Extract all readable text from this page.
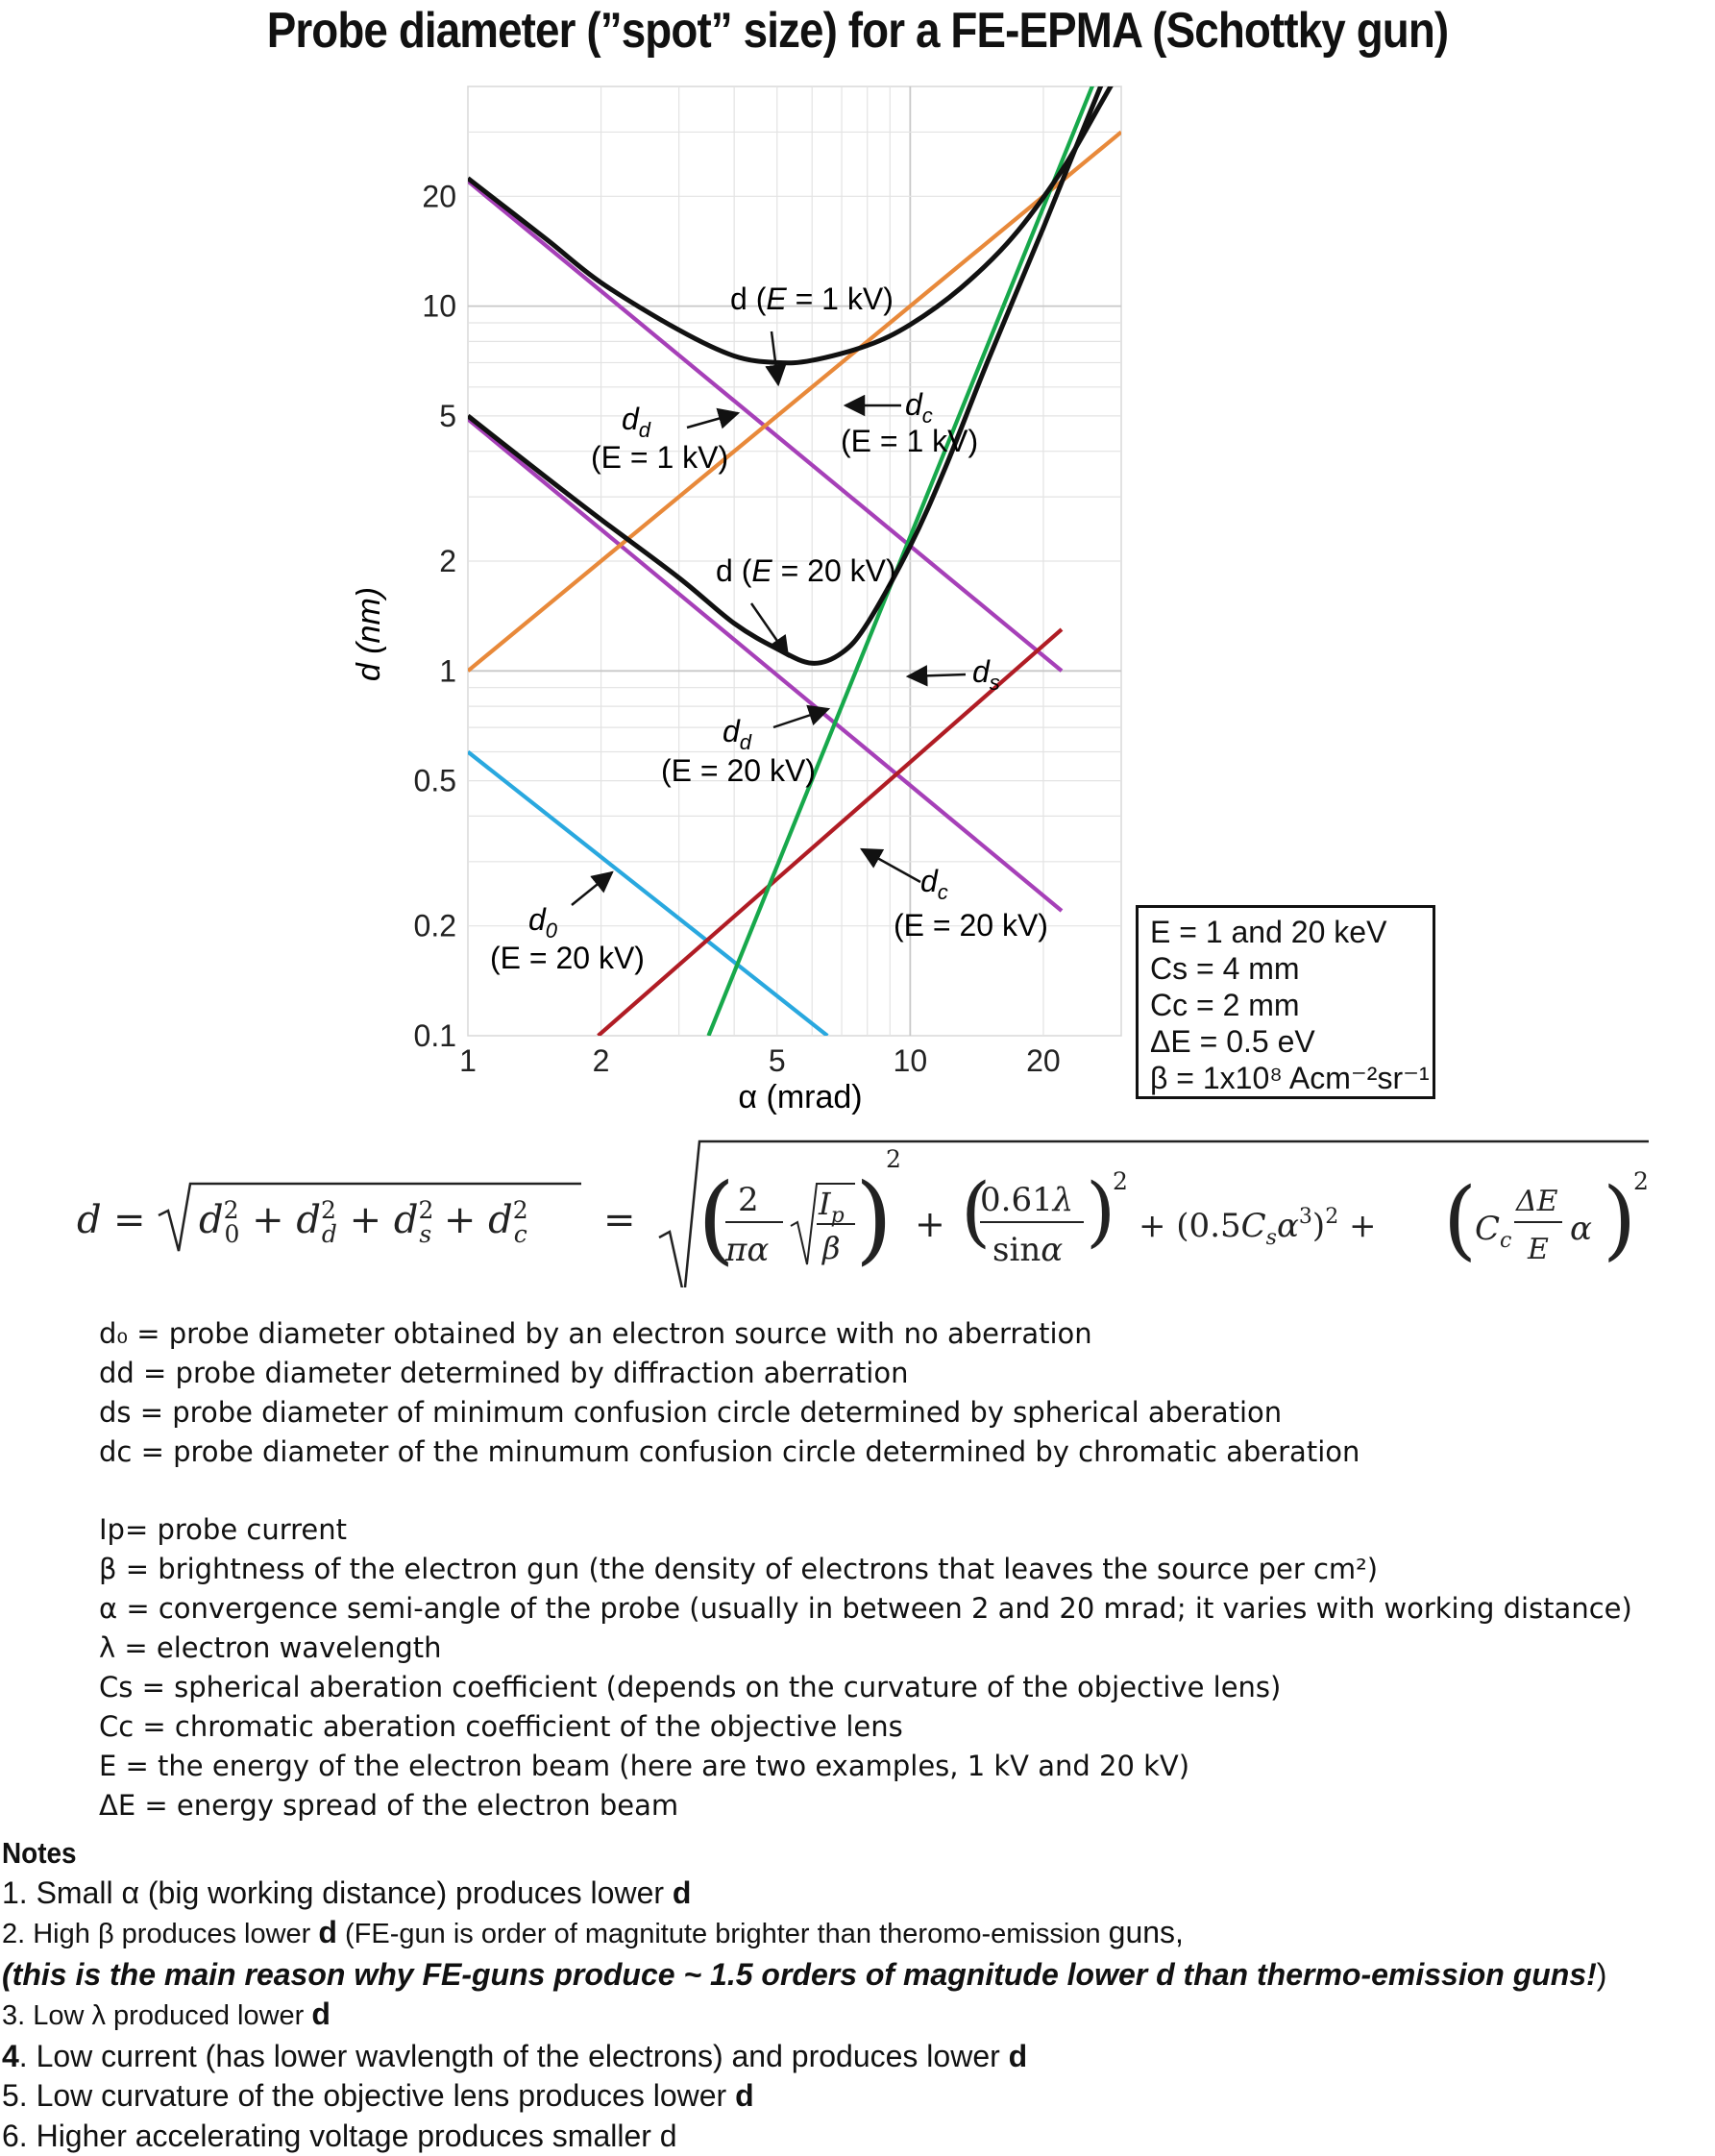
Probe diameter (”spot” size) for a FE-EPMA (Schottky gun)
1	2	5	10	20
0.1
0.2
0.5
1
2
5
10
20
d (nm)
α (mrad)
d (E = 1 kV)
d (E = 20 kV)
$d_d$
(E = 1 kV)
$d_c$
(E = 1 kV)
$d_s$
$d_d$
(E = 20 kV)
$d_c$
(E = 20 kV)
$d_0$
(E = 20 kV)
E = 1 and 20 keV
Cs = 4 mm
Cc = 2 mm
ΔE = 0.5 eV
β = 1x10⁸ Acm⁻²sr⁻¹
$d = d^2$ $0 + d^2$ $d + d^2$ $s + d^2$ c = ( 2
πα
$I_p$
β )
2
+ (
0.61λ
sinα )
2
+ $(0.5C_s\alpha^3)^2$ + (
$C_c$
ΔE
E
α )
2
d₀ = probe diameter obtained by an electron source with no aberration
dd = probe diameter determined by diffraction aberration
ds = probe diameter of minimum confusion circle determined by spherical aberation
dc = probe diameter of the minumum confusion circle determined by chromatic aberation
Ip= probe current
β = brightness of the electron gun (the density of electrons that leaves the source per cm²)
α = convergence semi-angle of the probe (usually in between 2 and 20 mrad; it varies with working distance)
λ = electron wavelength
Cs = spherical aberation coefficient (depends on the curvature of the objective lens)
Cc = chromatic aberation coefficient of the objective lens
E = the energy of the electron beam (here are two examples, 1 kV and 20 kV)
ΔE = energy spread of the electron beam
Notes
1. Small α (big working distance) produces lower d
2. High β produces lower d (FE-gun is order of magnitute brighter than theromo-emission guns,
(this is the main reason why FE-guns produce ~ 1.5 orders of magnitude lower d than thermo-emission guns!)
3. Low λ produced lower d
4. Low current (has lower wavlength of the electrons) and produces lower d
5. Low curvature of the objective lens produces lower d
6. Higher accelerating voltage produces smaller d
